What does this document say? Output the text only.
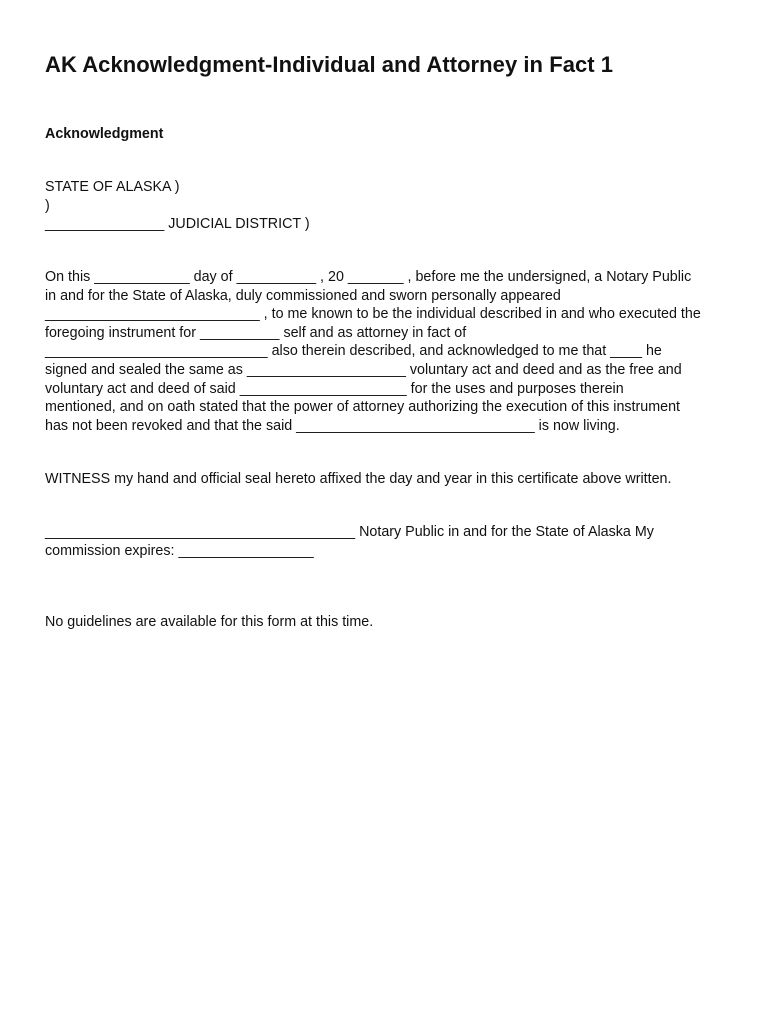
AK Acknowledgment-Individual and Attorney in Fact 1
Acknowledgment
STATE OF ALASKA )
)
_______________ JUDICIAL DISTRICT )
On this ____________ day of __________ , 20 _______ , before me the undersigned, a Notary Public
in and for the State of Alaska, duly commissioned and sworn personally appeared
___________________________ , to me known to be the individual described in and who executed the
foregoing instrument for __________ self and as attorney in fact of
____________________________ also therein described, and acknowledged to me that ____ he
signed and sealed the same as ____________________ voluntary act and deed and as the free and
voluntary act and deed of said _____________________ for the uses and purposes therein
mentioned, and on oath stated that the power of attorney authorizing the execution of this instrument
has not been revoked and that the said ______________________________ is now living.
WITNESS my hand and official seal hereto affixed the day and year in this certificate above written.
_______________________________________ Notary Public in and for the State of Alaska My
commission expires: _________________
No guidelines are available for this form at this time.
